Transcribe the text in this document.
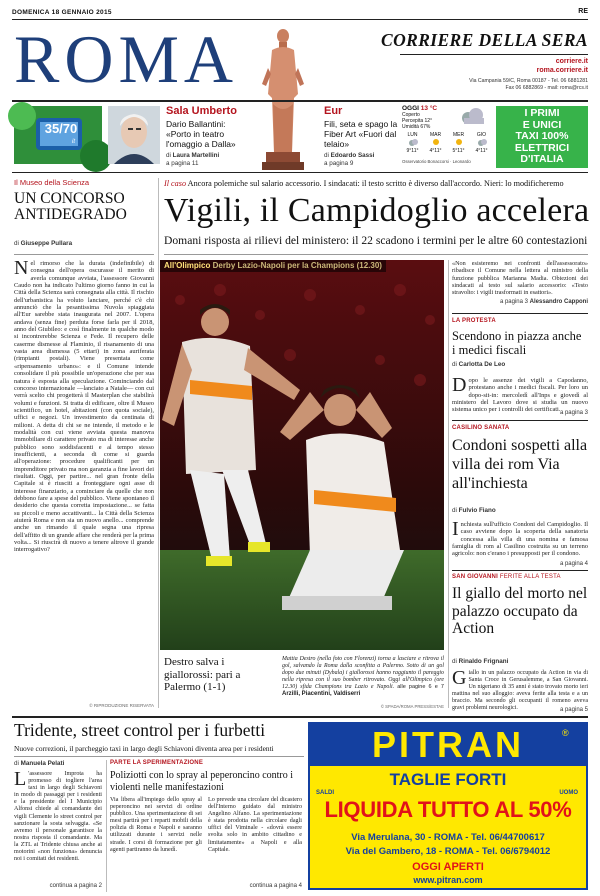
DOMENICA 18 GENNAIO 2015	RE
ROMA	CORRIERE DELLA SERA
corriere.it
roma.corriere.it
Via Campania 59/C, Roma 00187 - Tel. 06 6881281
Fax 06 6882869 - mail: roma@rcs.it
35/70
it
Sala Umberto
Dario Ballantini:
«Porto in teatro l'omaggio a Dalla»
di Laura Martellini
a pagina 11
Eur
Fili, seta e spago la Fiber Art «Fuori dal telaio»
di Edoardo Sassi
a pagina 9
OGGI 13 °C
Coperto
Percepita 12°
Umidità 67%
LUN
9°11°
MAR
4°11°
MER
5°11°
GIO
4°11°
Osservatorio Bonaccorsi · Leonardo
I PRIMI
E UNICI
TAXI 100%
ELETTRICI
D'ITALIA
Il Museo della Scienza
UN CONCORSO ANTIDEGRADO
di Giuseppe Pullara
Nel rimorso che la durata (indefinibile) di consegna dell'opera oscurasse il merito di averla comunque avviata, l'assessore Giovanni Caudo non ha indicato l'ultimo giorno fanno in cui la Città della Scienza sarà consegnata alla città. Il rischio dell'urbanistica ha voluto lanciare, perché c'è chi annunciò che la pesantissima Nuvola spiaggiata all'Eur sarebbe stata inaugurata nel 2007. L'opera andava (senza fine) perduta forse farla per il 2018, anno del Giubileo: e così finalmente in qualche modo si incontrerebbe Scienza e Fede. Il recupero delle caserme dismesse al Flaminio, il risanamento di una vasta area dismessa (5 ettari) in zona auriferata (rimpianti postali). Viene presentata come «ripensamento urbano»: e il Comune intende consolidare il più possibile un'operazione che per sua natura è esposta alla speculazione. Cominciando dal concorso internazionale —lanciato a Natale— con cui verrà scelto chi progetterà il Masterplan che stabilirà volumi e funzioni. Si tratta di edificare, oltre il Museo scientifico, un hotel, abitazioni (con quota sociale), uffici e negozi. Un investimento da centinaia di milioni. A detta di chi se ne intende, il metodo e le modalità con cui viene avviata questa manovra immobiliare di carattere privato ma di interesse anche pubblico sono soddisfacenti e al tempo stesso insufficienti, a seconda di come si guarda all'operazione: procedure qualificanti per un imprenditore privato ma non garanzia a fine lavori dei risultati. Oggi, per partire... nel gran fronte della Capitale si è riusciti a fronteggiare ogni asse di interesse finanziario, a cominciare da quelle che non debbono fare a spese del pubblico. Viene spontaneo il desiderio che questa corretta impostazione... se fatta su piccoli e meno accattivanti... la Città della Scienza aiuterà Roma e non sia un nuovo anello... comprende anche un rimando il quale segna una ripresa dell'affitto di un grande affare che renderà per la prima volta... Si riuscirà di nuovo a tenere altrove il grande interrogativo?
© RIPRODUZIONE RISERVATA
Il caso Ancora polemiche sul salario accessorio. I sindacati: il testo scritto è diverso dall'accordo. Nieri: lo modificheremo
Vigili, il Campidoglio accelera
Domani risposta ai rilievi del ministero: il 22 scadono i termini per le altre 60 contestazioni
All'Olimpico Derby Lazio-Napoli per la Champions (12.30)
Destro salva i giallorossi: pari a Palermo (1-1)
Mattia Destro (nella foto con Florenzi) torna a lasciare e ritrova il gol, salvando la Roma dalla sconfitta a Palermo. Sotto di un gol dopo due minuti (Dybala) i giallorossi hanno raggiunto il pareggio nella ripresa con il suo bomber ritrovato. Oggi all'Olimpico (ore 12.30) sfida Champions tra Lazio e Napoli. alle pagine 6 e 7 Arzilli, Piacentini, Valdiserri
© SPADA/ROMA PRESS/ESTAE
«Non esisteremo nei confronti dell'assessorato» ribadisce il Comune nella lettera al ministro della funzione pubblica Marianna Madia. Obiezioni dei sindacati al testo sul salario accessorio: «Testo stravolto: i vigili trasformati in esattori».
a pagina 3 Alessandro Capponi
LA PROTESTA
Scendono in piazza anche i medici fiscali
di Carlotta De Leo
Dopo le assenze dei vigili a Capodanno, protestano anche i medici fiscali. Per loro un dopo-sit-in: mercoledì all'Inps e giovedì al ministero del Lavoro dove si studia un nuovo sistema unico per i controlli dei certificati. a pagina 3
CASILINO SANATA
Condoni sospetti alla villa dei rom Via all'inchiesta
di Fulvio Fiano
Inchiesta sull'ufficio Condoni del Campidoglio. Il caso avviene dopo la scoperta della sanatoria concessa alla villa di una nomina e famosa famiglia di rom al Casilino costruita su un terreno agricolo: non c'erano i presupposti per il condono.
a pagina 4
SAN GIOVANNI FERITE ALLA TESTA
Il giallo del morto nel palazzo occupato da Action
di Rinaldo Frignani
Giallo in un palazzo occupato da Action in via di Santa Croce in Gerusalemme, a San Giovanni. Un nigeriano di 35 anni è stato trovato morto ieri mattina nel suo alloggio: aveva ferite alla testa e a un braccio. Ma secondo gli occupanti il romeno aveva gravi problemi neurologici.	a pagina 5
Tridente, street control per i furbetti
Nuove correzioni, il parcheggio taxi in largo degli Schiavoni diventa area per i residenti
di Manuela Pelati
L 'assessore Improta ha promesso di togliere l'area taxi in largo degli Schiavoni in modo di passaggi per i residenti e la presidente del I Municipio Alfonsi chiede al comandante dei vigili Clemente lo street control per sanzionare la sosta selvaggia. «Se avremo il personale garantisce la nostra risposta il comandante. Ma la ZTL ai Tridente chiusa anche ai motorini «non funziona» denuncia noi i comitati dei residenti.
continua a pagina 2
PARTE LA SPERIMENTAZIONE
Poliziotti con lo spray al peperoncino contro i violenti nelle manifestazioni
Via libera all'impiego dello spray al peperoncino nei servizi di ordine pubblico. Una sperimentazione di sei mesi partirà per i reparti mobili della polizia di Roma e Napoli e saranno utilizzati durante i servizi nelle strade. I corsi di formazione per gli agenti partiranno da lunedì.
Lo prevede una circolare del dicastero dell'Interno guidato dal ministro Angelino Alfano. La sperimentazione è stata prodotta nella circolare dagli uffici del Viminale - «dovrà essere svolta solo in ambito cittadino e limitatamente» a Napoli e alla Capitale.
continua a pagina 4
PITRAN	®
TAGLIE FORTI
SALDI	UOMO
LIQUIDA TUTTO AL 50%
Via Merulana, 30 - ROMA - Tel. 06/44700617
Via del Gambero, 18 - ROMA - Tel. 06/6794012
OGGI APERTI
www.pitran.com
